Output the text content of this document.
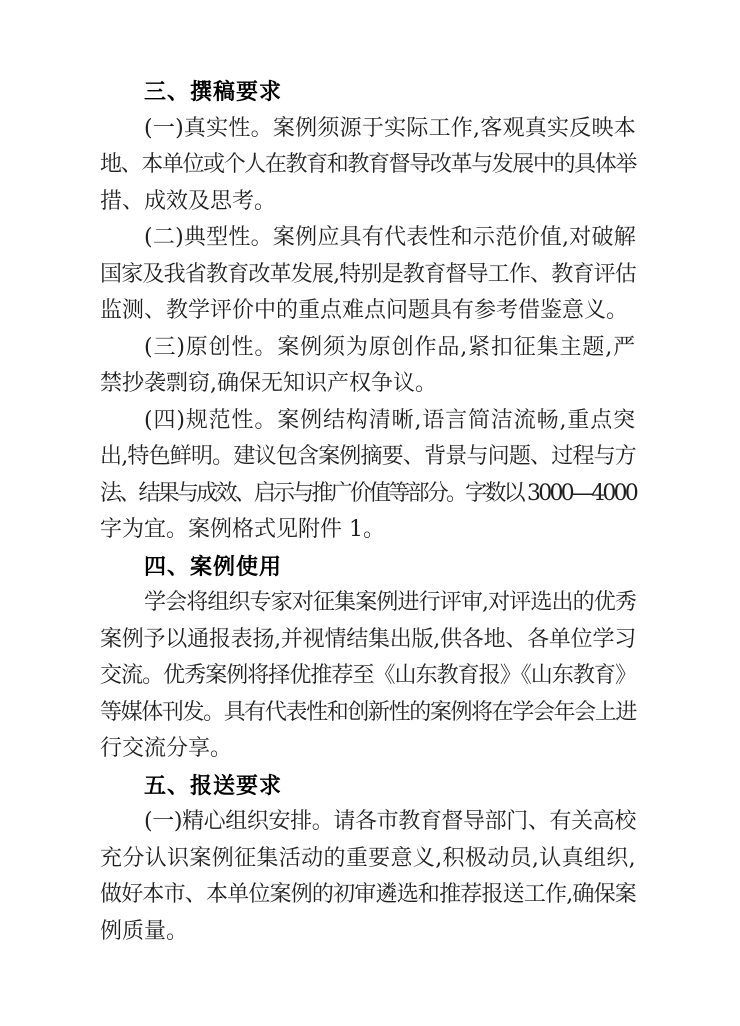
三、撰稿要求
(一)真实性。案例须源于实际工作,客观真实反映本
地、本单位或个人在教育和教育督导改革与发展中的具体举
措、成效及思考。
(二)典型性。案例应具有代表性和示范价值,对破解
国家及我省教育改革发展,特别是教育督导工作、教育评估
监测、教学评价中的重点难点问题具有参考借鉴意义。
(三)原创性。案例须为原创作品,紧扣征集主题,严
禁抄袭剽窃,确保无知识产权争议。
(四)规范性。案例结构清晰,语言简洁流畅,重点突
出,特色鲜明。建议包含案例摘要、背景与问题、过程与方
法、结果与成效、启示与推广价值等部分。字数以 3000—4000
字为宜。案例格式见附件 1。
四、案例使用
学会将组织专家对征集案例进行评审,对评选出的优秀
案例予以通报表扬,并视情结集出版,供各地、各单位学习
交流。优秀案例将择优推荐至《山东教育报》《山东教育》
等媒体刊发。具有代表性和创新性的案例将在学会年会上进
行交流分享。
五、报送要求
(一)精心组织安排。请各市教育督导部门、有关高校
充分认识案例征集活动的重要意义,积极动员,认真组织,
做好本市、本单位案例的初审遴选和推荐报送工作,确保案
例质量。
